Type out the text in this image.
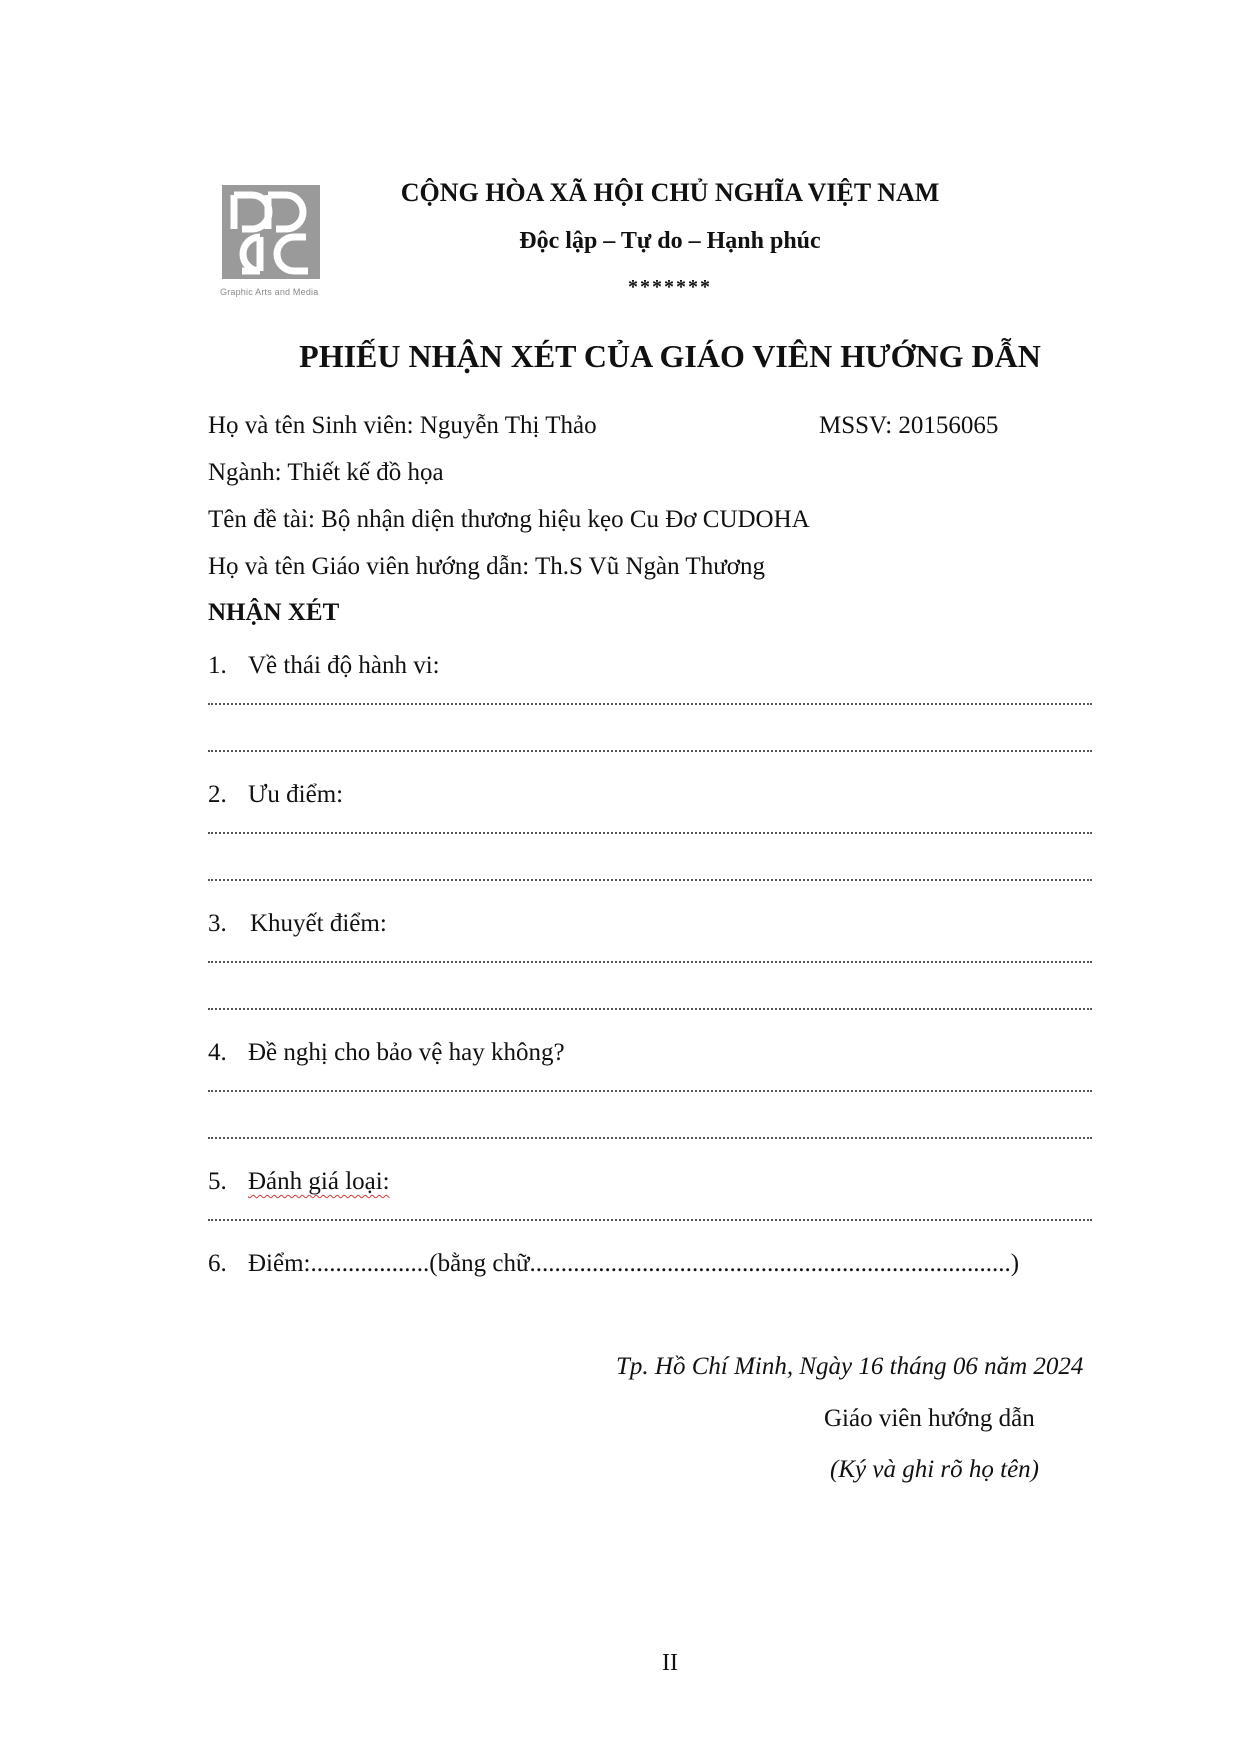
Graphic Arts and Media
CỘNG HÒA XÃ HỘI CHỦ NGHĨA VIỆT NAM
Độc lập – Tự do – Hạnh phúc
*******
PHIẾU NHẬN XÉT CỦA GIÁO VIÊN HƯỚNG DẪN
Họ và tên Sinh viên: Nguyễn Thị Thảo	MSSV: 20156065
Ngành: Thiết kế đồ họa
Tên đề tài: Bộ nhận diện thương hiệu kẹo Cu Đơ CUDOHA
Họ và tên Giáo viên hướng dẫn: Th.S Vũ Ngàn Thương
NHẬN XÉT
1. Về thái độ hành vi:
2. Ưu điểm:
3. Khuyết điểm:
4. Đề nghị cho bảo vệ hay không?
5. Đánh giá loại:
6. Điểm:...................(bằng chữ.............................................................................)
Tp. Hồ Chí Minh, Ngày 16 tháng 06 năm 2024
Giáo viên hướng dẫn
(Ký và ghi rõ họ tên)
II
